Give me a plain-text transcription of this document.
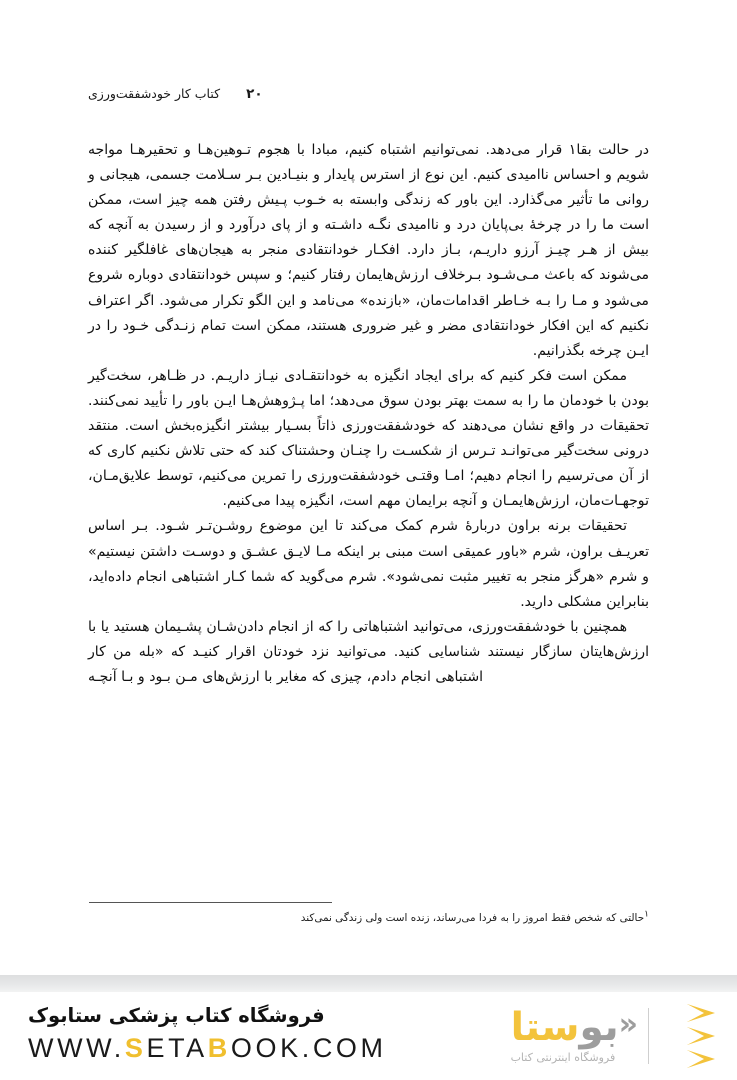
۲۰
کتاب کار خودشفقت‌ورزی

در حالت بقا۱ قرار می‌دهد. نمی‌توانیم اشتباه کنیم، مبادا با هجوم تـوهین‌هـا و تحقیرهـا مواجه شویم و احساس ناامیدی کنیم. این نوع از استرس پایدار و بنیـادین بـر سـلامت جسمی، هیجانی و روانی ما تأثیر می‌گذارد. این باور که زندگی وابسته به خـوب پـیش رفتن همه چیز است، ممکن است ما را در چرخهٔ بی‌پایان درد و ناامیدی نگـه داشـته و از پای درآورد و از رسیدن به آنچه که بیش از هـر چیـز آرزو داریـم، بـاز دارد. افکـار خودانتقادی منجر به هیجان‌های غافلگیر کننده می‌شوند که باعث مـی‌شـود بـرخلاف ارزش‌هایمان رفتار کنیم؛ و سپس خودانتقادی دوباره شروع می‌شود و مـا را بـه خـاطر اقدامات‌مان، «بازنده» می‌نامد و این الگو تکرار می‌شود. اگر اعتراف نکنیم که این افکار خودانتقادی مضر و غیر ضروری هستند، ممکن است تمام زنـدگی خـود را در ایـن چرخه بگذرانیم.

ممکن است فکر کنیم که برای ایجاد انگیزه به خودانتقـادی نیـاز داریـم. در ظـاهر، سخت‌گیر بودن با خودمان ما را به سمت بهتر بودن سوق می‌دهد؛ اما پـژوهش‌هـا ایـن باور را تأیید نمی‌کنند. تحقیقات در واقع نشان می‌دهند که خودشفقت‌ورزی ذاتاً بسـیار بیشتر انگیزه‌بخش است. منتقد درونی سخت‌گیر می‌توانـد تـرس از شکسـت را چنـان وحشتناک کند که حتی تلاش نکنیم کاری که از آن می‌ترسیم را انجام دهیم؛ امـا وقتـی خودشفقت‌ورزی را تمرین می‌کنیم، توسط علایق‌مـان، توجهـات‌مان، ارزش‌هایمـان و آنچه برایمان مهم است، انگیزه پیدا می‌کنیم.

تحقیقات برنه براون دربارهٔ شرم کمک می‌کند تا این موضوع روشـن‌تـر شـود. بـر اساس تعریـف براون، شرم «باور عمیقی است مبنی بر اینکه مـا لایـق عشـق و دوسـت داشتن نیستیم» و شرم «هرگز منجر به تغییر مثبت نمی‌شود». شرم می‌گوید که شما کـار اشتباهی انجام داده‌اید، بنابراین مشکلی دارید.

همچنین با خودشفقت‌ورزی، می‌توانید اشتباهاتی را که از انجام دادن‌شـان پشـیمان هستید یا با ارزش‌هایتان سازگار نیستند شناسایی کنید. می‌توانید نزد خودتان اقرار کنیـد که «بله من کار اشتباهی انجام دادم، چیزی که مغایر با ارزش‌های مـن بـود و بـا آنچـه

۱حالتی که شخص فقط امروز را به فردا می‌رساند، زنده است ولی زندگی نمی‌کند
«بوستا
فروشگاه اینترنتی کتاب
فروشگاه کتاب پزشکی ستابوک
WWW.SETABOOK.COM
